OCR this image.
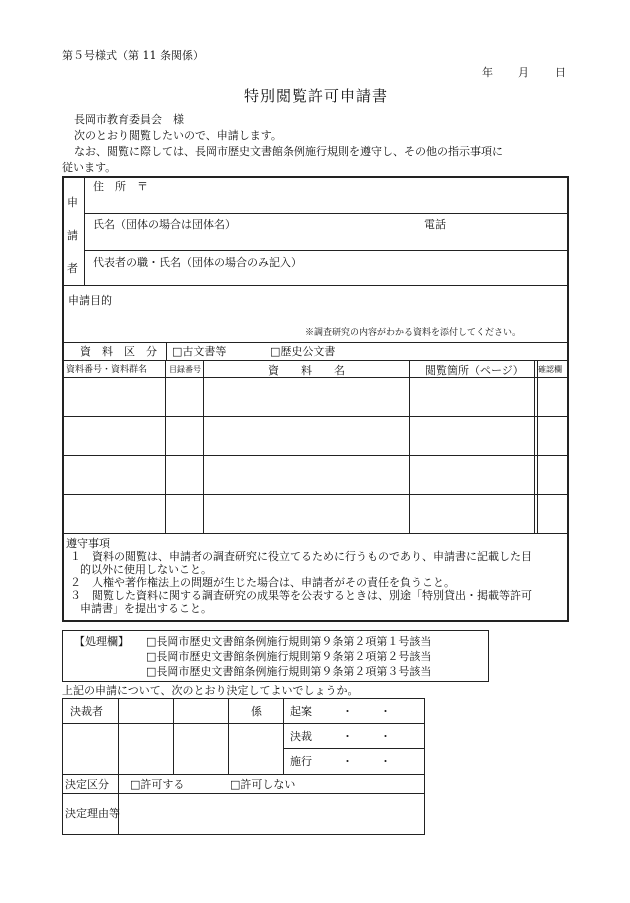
第５号様式（第 11 条関係）
年 月 日
特別閲覧許可申請書
長岡市教育委員会　様
次のとおり閲覧したいので、申請します。
なお、閲覧に際しては、長岡市歴史文書館条例施行規則を遵守し、その他の指示事項に
従います。
申
請
者
住　所　〒
氏名（団体の場合は団体名）	電話
代表者の職・氏名（団体の場合のみ記入）
申請目的
※調査研究の内容がわかる資料を添付してください。
資　料　区　分 □古文書等	□歴史公文書
資料番号・資料群名	目録番号	資　　料　　名	閲覧箇所（ページ） 確認欄
遵守事項
１ 資料の閲覧は、申請者の調査研究に役立てるために行うものであり、申請書に記載した目
的以外に使用しないこと。
２ 人権や著作権法上の問題が生じた場合は、申請者がその責任を負うこと。
３ 閲覧した資料に関する調査研究の成果等を公表するときは、別途「特別貸出・掲載等許可
申請書」を提出すること。
【処理欄】 □長岡市歴史文書館条例施行規則第９条第２項第１号該当
□長岡市歴史文書館条例施行規則第９条第２項第２号該当
□長岡市歴史文書館条例施行規則第９条第２項第３号該当
上記の申請について、次のとおり決定してよいでしょうか。
決裁者	係	起案	・ ・
決裁	・ ・
施行	・ ・
決定区分 □許可する	□許可しない
決定理由等
